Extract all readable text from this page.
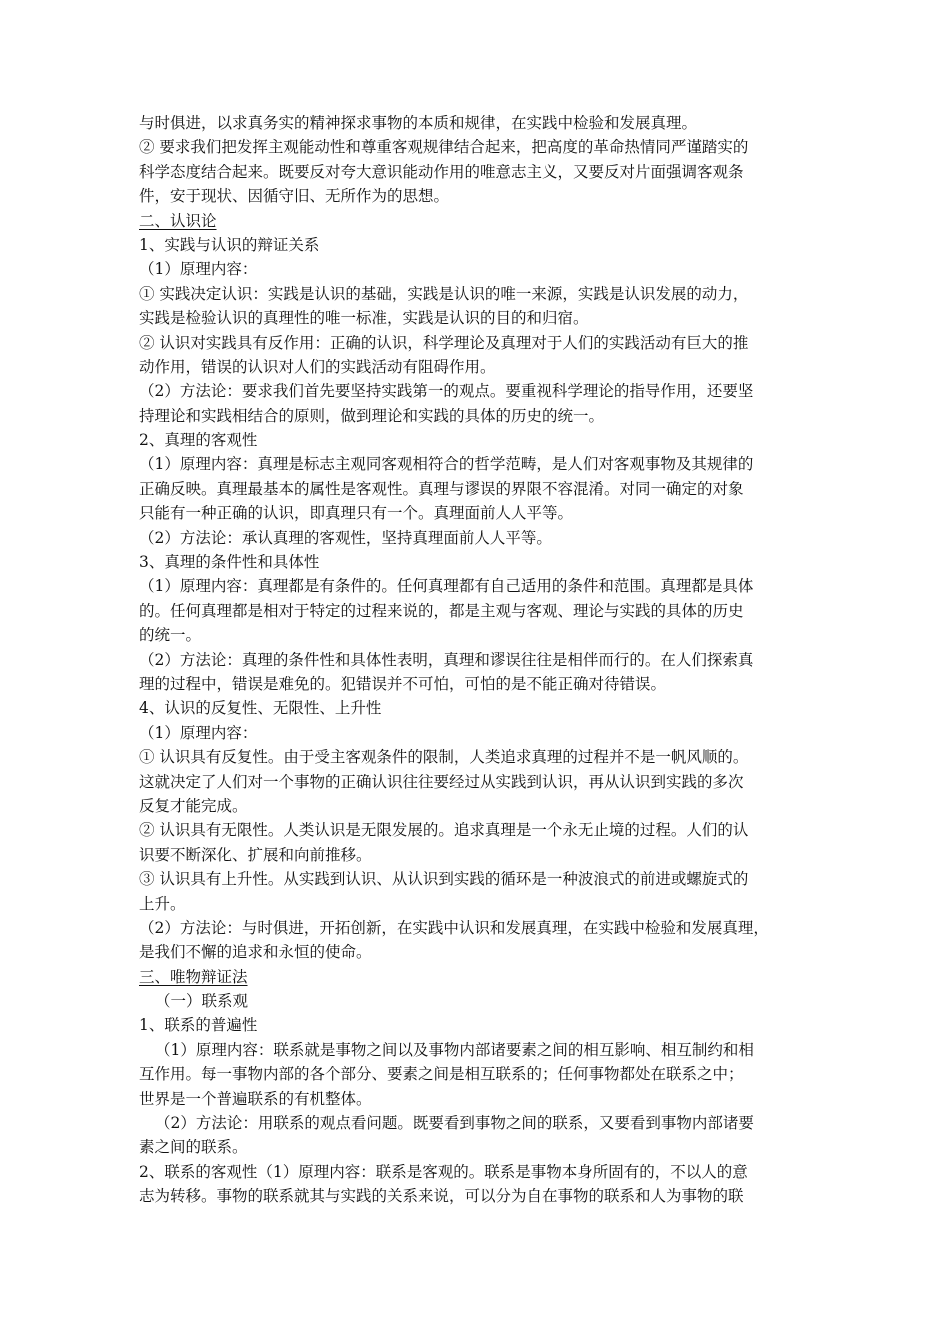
与时俱进，以求真务实的精神探求事物的本质和规律，在实践中检验和发展真理。
② 要求我们把发挥主观能动性和尊重客观规律结合起来，把高度的革命热情同严谨踏实的
科学态度结合起来。既要反对夸大意识能动作用的唯意志主义，又要反对片面强调客观条
件，安于现状、因循守旧、无所作为的思想。
二、认识论
1、实践与认识的辩证关系
（1）原理内容：
① 实践决定认识：实践是认识的基础，实践是认识的唯一来源，实践是认识发展的动力，
实践是检验认识的真理性的唯一标准，实践是认识的目的和归宿。
② 认识对实践具有反作用：正确的认识，科学理论及真理对于人们的实践活动有巨大的推
动作用，错误的认识对人们的实践活动有阻碍作用。
（2）方法论：要求我们首先要坚持实践第一的观点。要重视科学理论的指导作用，还要坚
持理论和实践相结合的原则，做到理论和实践的具体的历史的统一。
2、真理的客观性
（1）原理内容：真理是标志主观同客观相符合的哲学范畴，是人们对客观事物及其规律的
正确反映。真理最基本的属性是客观性。真理与谬误的界限不容混淆。对同一确定的对象
只能有一种正确的认识，即真理只有一个。真理面前人人平等。
（2）方法论：承认真理的客观性，坚持真理面前人人平等。
3、真理的条件性和具体性
（1）原理内容：真理都是有条件的。任何真理都有自己适用的条件和范围。真理都是具体
的。任何真理都是相对于特定的过程来说的，都是主观与客观、理论与实践的具体的历史
的统一。
（2）方法论：真理的条件性和具体性表明，真理和谬误往往是相伴而行的。在人们探索真
理的过程中，错误是难免的。犯错误并不可怕，可怕的是不能正确对待错误。
4、认识的反复性、无限性、上升性
（1）原理内容：
① 认识具有反复性。由于受主客观条件的限制，人类追求真理的过程并不是一帆风顺的。
这就决定了人们对一个事物的正确认识往往要经过从实践到认识，再从认识到实践的多次
反复才能完成。
② 认识具有无限性。人类认识是无限发展的。追求真理是一个永无止境的过程。人们的认
识要不断深化、扩展和向前推移。
③ 认识具有上升性。从实践到认识、从认识到实践的循环是一种波浪式的前进或螺旋式的
上升。
（2）方法论：与时俱进，开拓创新，在实践中认识和发展真理，在实践中检验和发展真理，
是我们不懈的追求和永恒的使命。
三、唯物辩证法
（一）联系观
1、联系的普遍性
（1）原理内容：联系就是事物之间以及事物内部诸要素之间的相互影响、相互制约和相
互作用。每一事物内部的各个部分、要素之间是相互联系的；任何事物都处在联系之中；
世界是一个普遍联系的有机整体。
（2）方法论：用联系的观点看问题。既要看到事物之间的联系，又要看到事物内部诸要
素之间的联系。
2、联系的客观性（1）原理内容：联系是客观的。联系是事物本身所固有的，不以人的意
志为转移。事物的联系就其与实践的关系来说，可以分为自在事物的联系和人为事物的联
